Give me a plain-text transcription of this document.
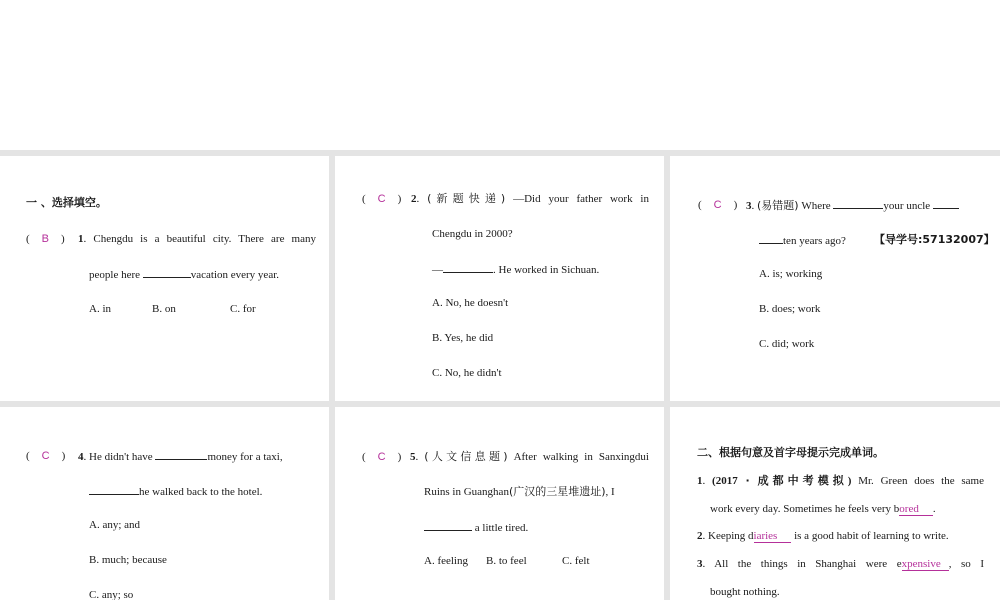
一 、选择填空。
( B ) 1. Chengdu is a beautiful city. There are many
people here	vacation every year.
A. in	B. on	C. for
( C ) 2. (新题快递) —Did your father work in
Chengdu in 2000?
—	. He worked in Sichuan.
A. No, he doesn't
B. Yes, he did
C. No, he didn't
( C ) 3. (易错题) Where	your uncle
ten years ago?	【导学号:57132007】
A. is; working
B. does; work
C. did; work
( C ) 4. He didn't have	money for a taxi,
he walked back to the hotel.
A. any; and
B. much; because
C. any; so
( C ) 5. (人文信息题) After walking in Sanxingdui
Ruins in Guanghan(广汉的三星堆遗址), I
a little tired.
A. feeling B. to feel	C. felt
二、根据句意及首字母提示完成单词。
1. (2017 · 成都中考模拟) Mr. Green does the same
work every day. Sometimes he feels very bored .
2. Keeping diaries is a good habit of learning to write.
3. All the things in Shanghai were expensive , so I
bought nothing.
